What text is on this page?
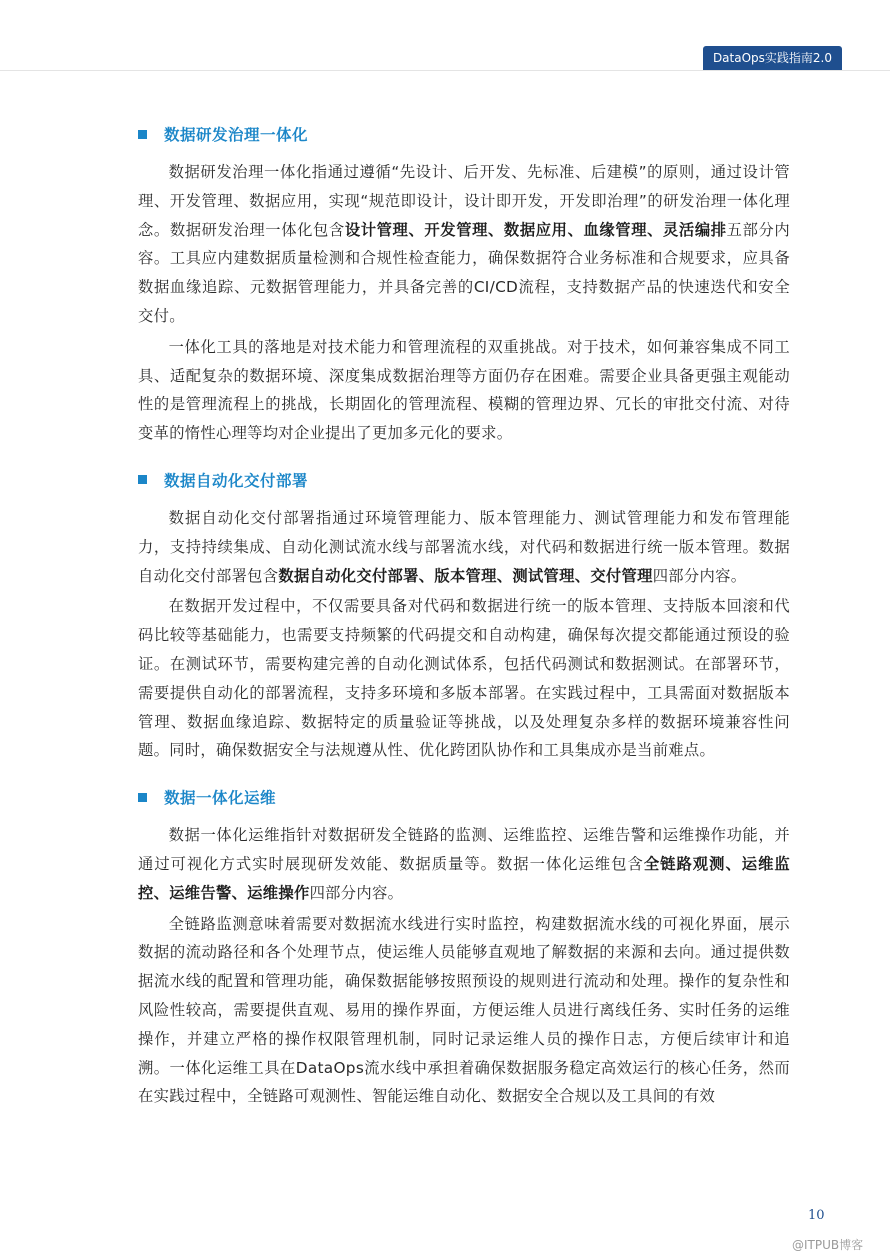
DataOps实践指南2.0
数据研发治理一体化

数据研发治理一体化指通过遵循“先设计、后开发、先标准、后建模”的原则，通过设计管理、开发管理、数据应用，实现“规范即设计，设计即开发，开发即治理”的研发治理一体化理念。数据研发治理一体化包含设计管理、开发管理、数据应用、血缘管理、灵活编排五部分内容。工具应内建数据质量检测和合规性检查能力，确保数据符合业务标准和合规要求，应具备数据血缘追踪、元数据管理能力，并具备完善的CI/CD流程，支持数据产品的快速迭代和安全交付。

一体化工具的落地是对技术能力和管理流程的双重挑战。对于技术，如何兼容集成不同工具、适配复杂的数据环境、深度集成数据治理等方面仍存在困难。需要企业具备更强主观能动性的是管理流程上的挑战，长期固化的管理流程、模糊的管理边界、冗长的审批交付流、对待变革的惰性心理等均对企业提出了更加多元化的要求。

数据自动化交付部署

数据自动化交付部署指通过环境管理能力、版本管理能力、测试管理能力和发布管理能力，支持持续集成、自动化测试流水线与部署流水线，对代码和数据进行统一版本管理。数据自动化交付部署包含数据自动化交付部署、版本管理、测试管理、交付管理四部分内容。

在数据开发过程中，不仅需要具备对代码和数据进行统一的版本管理、支持版本回滚和代码比较等基础能力，也需要支持频繁的代码提交和自动构建，确保每次提交都能通过预设的验证。在测试环节，需要构建完善的自动化测试体系，包括代码测试和数据测试。在部署环节，需要提供自动化的部署流程，支持多环境和多版本部署。在实践过程中，工具需面对数据版本管理、数据血缘追踪、数据特定的质量验证等挑战，以及处理复杂多样的数据环境兼容性问题。同时，确保数据安全与法规遵从性、优化跨团队协作和工具集成亦是当前难点。

数据一体化运维

数据一体化运维指针对数据研发全链路的监测、运维监控、运维告警和运维操作功能，并通过可视化方式实时展现研发效能、数据质量等。数据一体化运维包含全链路观测、运维监控、运维告警、运维操作四部分内容。

全链路监测意味着需要对数据流水线进行实时监控，构建数据流水线的可视化界面，展示数据的流动路径和各个处理节点，使运维人员能够直观地了解数据的来源和去向。通过提供数据流水线的配置和管理功能，确保数据能够按照预设的规则进行流动和处理。操作的复杂性和风险性较高，需要提供直观、易用的操作界面，方便运维人员进行离线任务、实时任务的运维操作，并建立严格的操作权限管理机制，同时记录运维人员的操作日志，方便后续审计和追溯。一体化运维工具在DataOps流水线中承担着确保数据服务稳定高效运行的核心任务，然而在实践过程中，全链路可观测性、智能运维自动化、数据安全合规以及工具间的有效

10
@ITPUB博客
